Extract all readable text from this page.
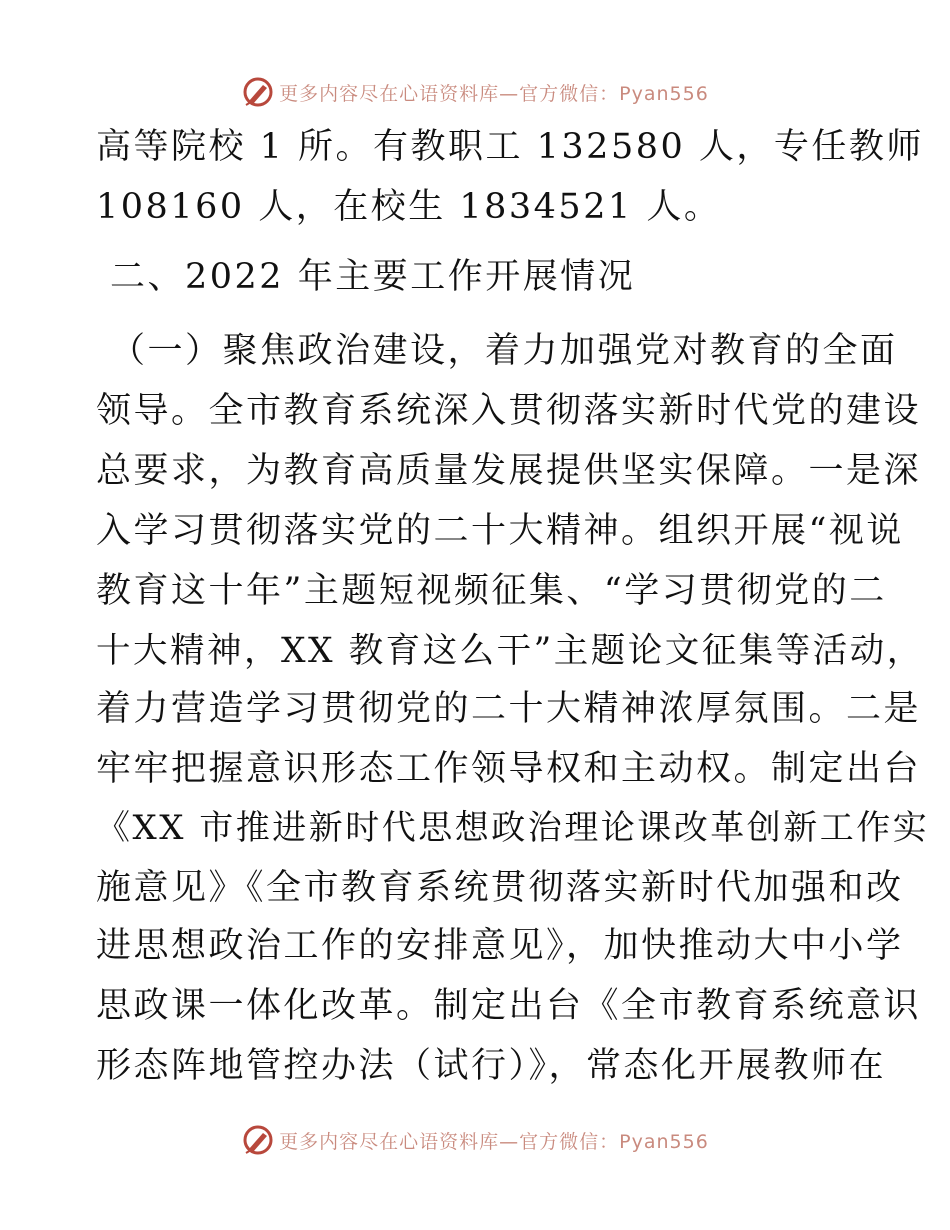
更多内容尽在心语资料库—官方微信：Pyan556
高等院校 1 所。有教职工 132580 人，专任教师
108160 人，在校生 1834521 人。
二、2022 年主要工作开展情况
（一）聚焦政治建设，着力加强党对教育的全面
领导。全市教育系统深入贯彻落实新时代党的建设
总要求，为教育高质量发展提供坚实保障。一是深
入学习贯彻落实党的二十大精神。组织开展“视说
教育这十年”主题短视频征集、“学习贯彻党的二
十大精神，XX 教育这么干”主题论文征集等活动，
着力营造学习贯彻党的二十大精神浓厚氛围。二是
牢牢把握意识形态工作领导权和主动权。制定出台
《XX 市推进新时代思想政治理论课改革创新工作实
施意见》《全市教育系统贯彻落实新时代加强和改
进思想政治工作的安排意见》，加快推动大中小学
思政课一体化改革。制定出台《全市教育系统意识
形态阵地管控办法（试行）》，常态化开展教师在
更多内容尽在心语资料库—官方微信：Pyan556
